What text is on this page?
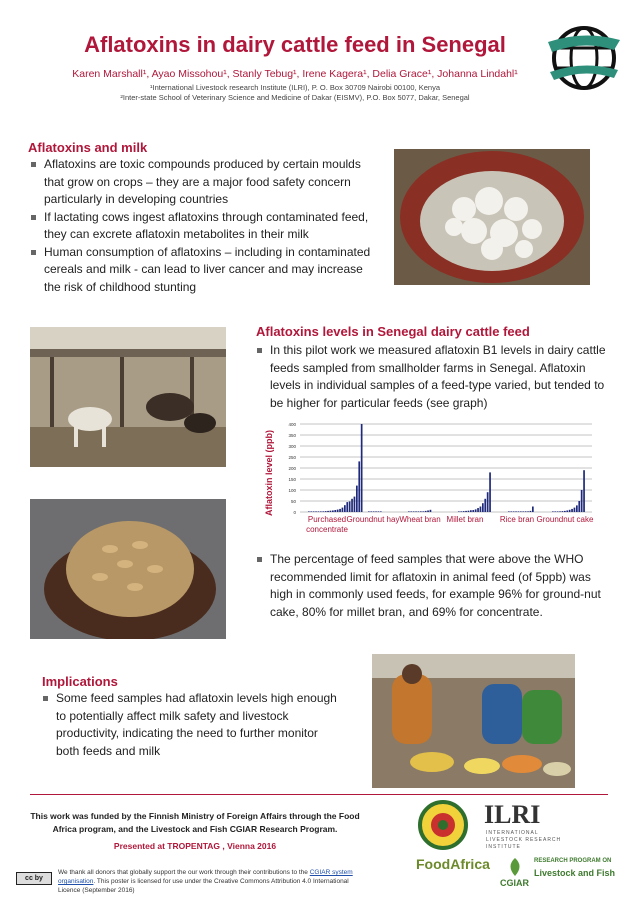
Aflatoxins in dairy cattle feed in Senegal
Karen Marshall¹, Ayao Missohou¹, Stanly Tebug¹, Irene Kagera¹, Delia Grace¹, Johanna Lindahl¹
¹International Livestock research Institute (ILRI), P. O. Box 30709 Nairobi 00100, Kenya
²Inter-state School of Veterinary Science and Medicine of Dakar (EISMV), P.O. Box 5077, Dakar, Senegal
Aflatoxins and milk
Aflatoxins are toxic compounds produced by certain moulds that grow on crops – they are a major food safety concern particularly in developing countries
If lactating cows ingest aflatoxins through contaminated feed, they can excrete aflatoxin metabolites in their milk
Human consumption of aflatoxins – including in contaminated cereals and milk - can lead to liver cancer and may increase the risk of childhood stunting
Aflatoxins levels in Senegal dairy cattle feed
In this pilot work we measured aflatoxin B1 levels in dairy cattle feeds sampled from smallholder farms in Senegal. Aflatoxin levels in individual samples of a feed-type varied, but tended to be higher for particular feeds (see graph)
Aflatoxin level (ppb)	0
50
100
150
200
250
300
350
400
The percentage of feed samples that were above the WHO recommended limit for aflatoxin in animal feed (of 5ppb) was high in commonly used feeds, for example 96% for ground-nut cake, 80% for millet bran, and 69% for concentrate.
Implications
Some feed samples had aflatoxin levels high enough to potentially affect milk safety and livestock productivity, indicating the need to further monitor both feeds and milk
This work was funded by the Finnish Ministry of Foreign Affairs through the Food Africa program, and the Livestock and Fish CGIAR Research Program.
Presented at TROPENTAG , Vienna 2016
cc by
We thank all donors that globally support the our work through their contributions to the CGIAR system organisation. This poster is licensed for use under the Creative Commons Attribution 4.0 International Licence (September 2016)
ILRI
INTERNATIONAL LIVESTOCK RESEARCH INSTITUTE
FoodAfrica
CGIAR
RESEARCH PROGRAM ON
Livestock and Fish
Purchased concentrate
Groundnut hay Wheat bran Millet bran	Rice bran Groundnut cake
